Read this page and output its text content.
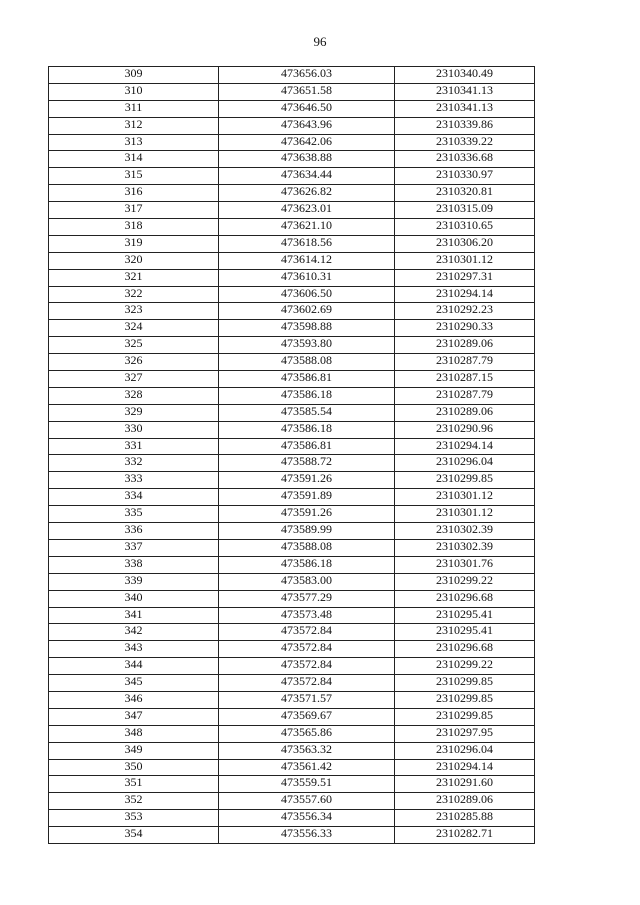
96
309	473656.03	2310340.49
310	473651.58	2310341.13
311	473646.50	2310341.13
312	473643.96	2310339.86
313	473642.06	2310339.22
314	473638.88	2310336.68
315	473634.44	2310330.97
316	473626.82	2310320.81
317	473623.01	2310315.09
318	473621.10	2310310.65
319	473618.56	2310306.20
320	473614.12	2310301.12
321	473610.31	2310297.31
322	473606.50	2310294.14
323	473602.69	2310292.23
324	473598.88	2310290.33
325	473593.80	2310289.06
326	473588.08	2310287.79
327	473586.81	2310287.15
328	473586.18	2310287.79
329	473585.54	2310289.06
330	473586.18	2310290.96
331	473586.81	2310294.14
332	473588.72	2310296.04
333	473591.26	2310299.85
334	473591.89	2310301.12
335	473591.26	2310301.12
336	473589.99	2310302.39
337	473588.08	2310302.39
338	473586.18	2310301.76
339	473583.00	2310299.22
340	473577.29	2310296.68
341	473573.48	2310295.41
342	473572.84	2310295.41
343	473572.84	2310296.68
344	473572.84	2310299.22
345	473572.84	2310299.85
346	473571.57	2310299.85
347	473569.67	2310299.85
348	473565.86	2310297.95
349	473563.32	2310296.04
350	473561.42	2310294.14
351	473559.51	2310291.60
352	473557.60	2310289.06
353	473556.34	2310285.88
354	473556.33	2310282.71
